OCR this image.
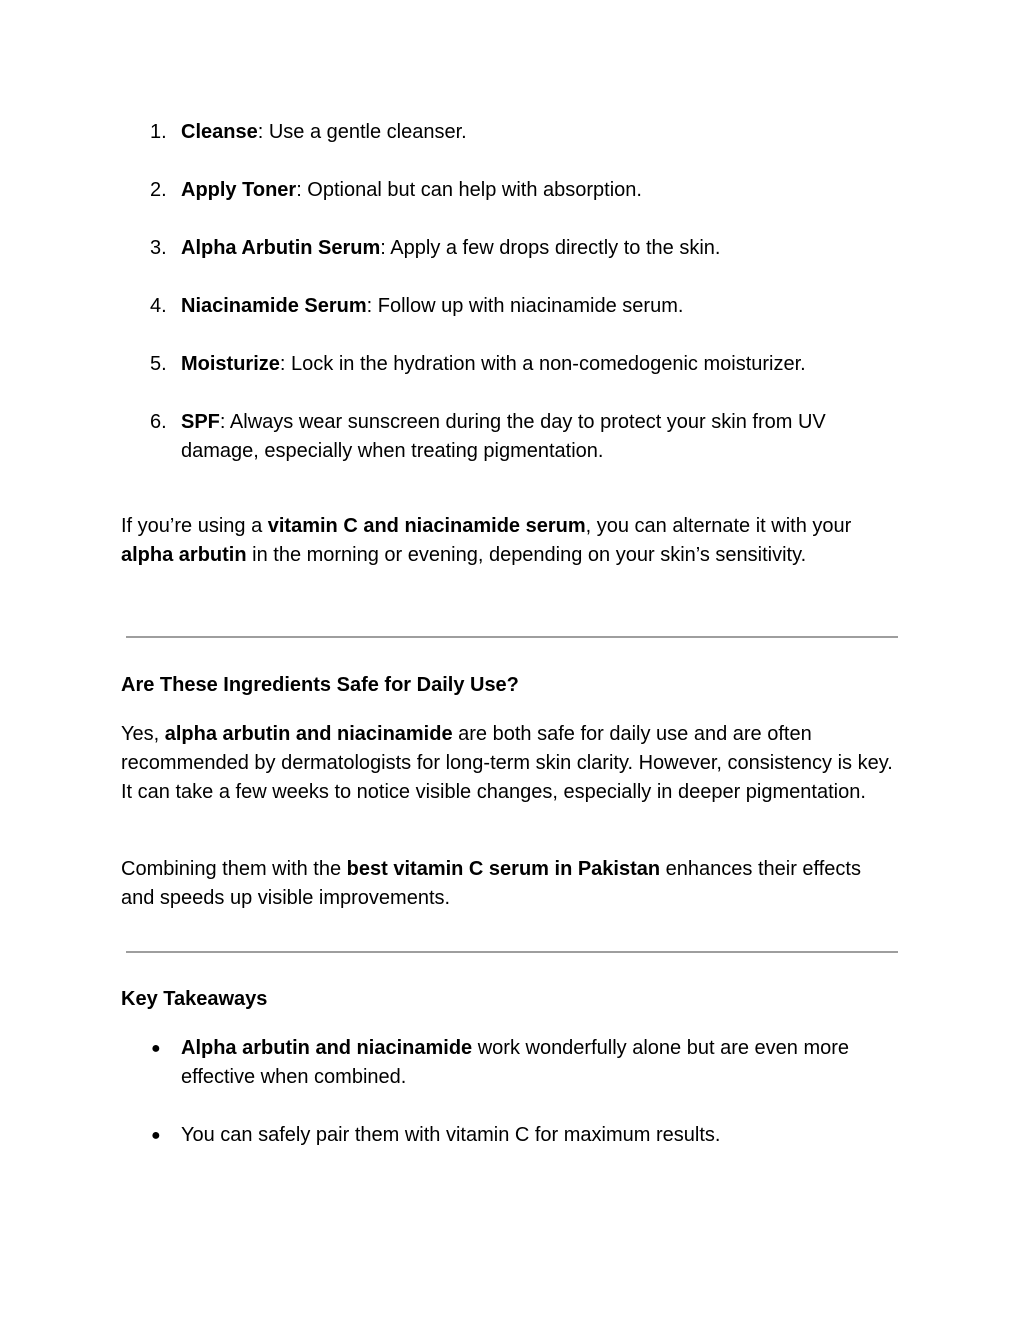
1. Cleanse: Use a gentle cleanser.
2. Apply Toner: Optional but can help with absorption.
3. Alpha Arbutin Serum: Apply a few drops directly to the skin.
4. Niacinamide Serum: Follow up with niacinamide serum.
5. Moisturize: Lock in the hydration with a non-comedogenic moisturizer.
6. SPF: Always wear sunscreen during the day to protect your skin from UV damage, especially when treating pigmentation.

If you’re using a vitamin C and niacinamide serum, you can alternate it with your alpha arbutin in the morning or evening, depending on your skin’s sensitivity.

Are These Ingredients Safe for Daily Use?

Yes, alpha arbutin and niacinamide are both safe for daily use and are often recommended by dermatologists for long-term skin clarity. However, consistency is key. It can take a few weeks to notice visible changes, especially in deeper pigmentation.

Combining them with the best vitamin C serum in Pakistan enhances their effects and speeds up visible improvements.

Key Takeaways
● Alpha arbutin and niacinamide work wonderfully alone but are even more effective when combined.
● You can safely pair them with vitamin C for maximum results.
